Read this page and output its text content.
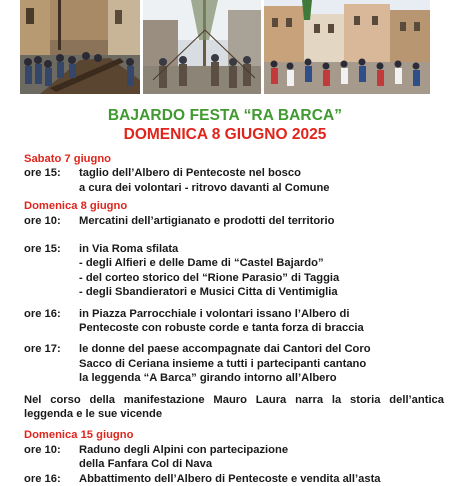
BAJARDO FESTA “RA BARCA”
DOMENICA 8 GIUGNO 2025
Sabato 7 giugno
ore 15:	taglio dell’Albero di Pentecoste nel bosco
a cura dei volontari - ritrovo davanti al Comune
Domenica 8 giugno
ore 10:	Mercatini dell’artigianato e prodotti del territorio
ore 15:	in Via Roma sfilata
- degli Alfieri e delle Dame di “Castel Bajardo”
- del corteo storico del “Rione Parasio” di Taggia
- degli Sbandieratori e Musici Citta di Ventimiglia
ore 16:	in Piazza Parrocchiale i volontari issano l’Albero di
Pentecoste con robuste corde e tanta forza di braccia
ore 17:	le donne del paese accompagnate dai Cantori del Coro
Sacco di Ceriana insieme a tutti i partecipanti cantano
la leggenda “A Barca” girando intorno all’Albero
Nel corso della manifestazione Mauro Laura narra la storia dell’antica leggenda e le sue vicende
Domenica 15 giugno
ore 10:	Raduno degli Alpini con partecipazione
della Fanfara Col di Nava
ore 16:	Abbattimento dell’Albero di Pentecoste e vendita all’asta
